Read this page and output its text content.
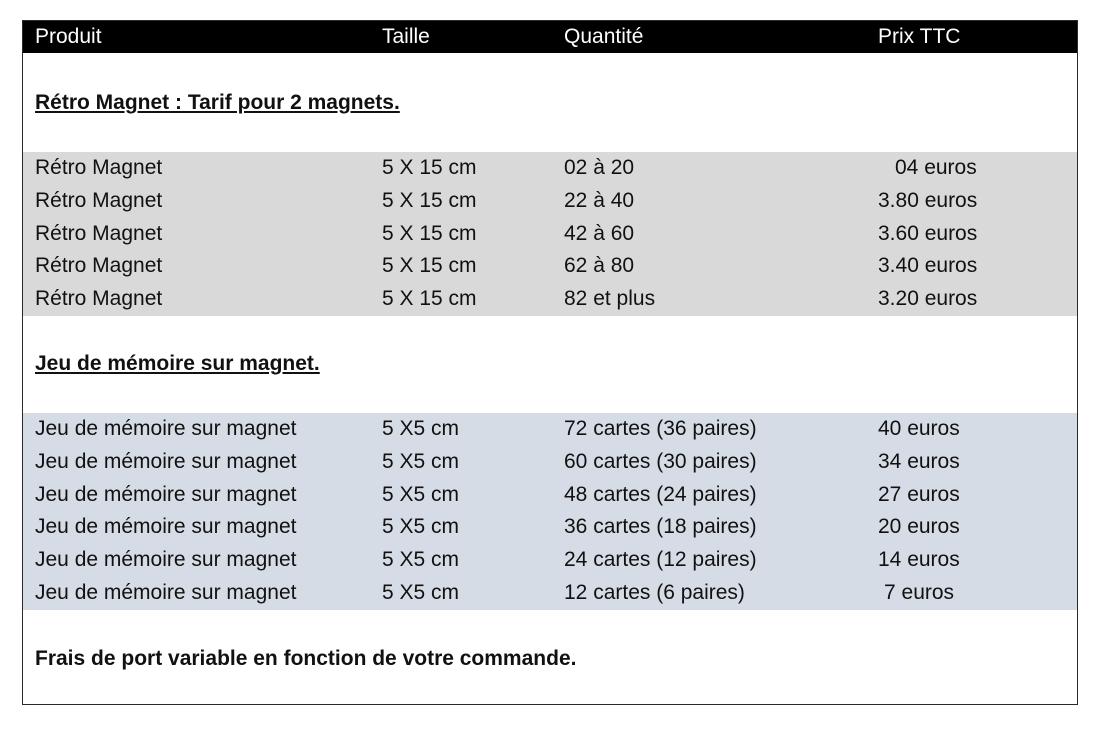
Produit	Taille	Quantité	Prix TTC
Rétro Magnet : Tarif pour 2 magnets.
Rétro Magnet	5 X 15 cm	02 à 20	04 euros
Rétro Magnet	5 X 15 cm	22 à 40	3.80 euros
Rétro Magnet	5 X 15 cm	42 à 60	3.60 euros
Rétro Magnet	5 X 15 cm	62 à 80	3.40 euros
Rétro Magnet	5 X 15 cm	82 et plus	3.20 euros
Jeu de mémoire sur magnet.
Jeu de mémoire sur magnet	5 X5 cm	72 cartes (36 paires)	40 euros
Jeu de mémoire sur magnet	5 X5 cm	60 cartes (30 paires)	34 euros
Jeu de mémoire sur magnet	5 X5 cm	48 cartes (24 paires)	27 euros
Jeu de mémoire sur magnet	5 X5 cm	36 cartes (18 paires)	20 euros
Jeu de mémoire sur magnet	5 X5 cm	24 cartes (12 paires)	14 euros
Jeu de mémoire sur magnet	5 X5 cm	12 cartes (6 paires)	7 euros
Frais de port variable en fonction de votre commande.
